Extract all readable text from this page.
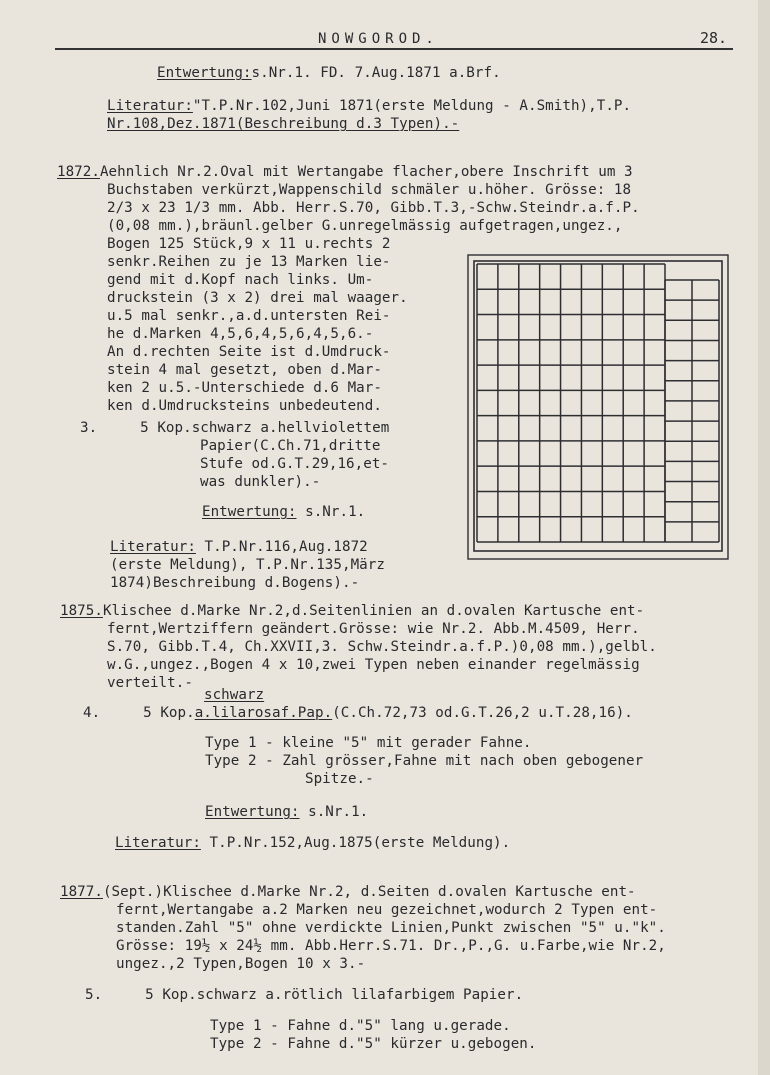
NOWGOROD.	28.
Entwertung:s.Nr.1. FD. 7.Aug.1871 a.Brf.
Literatur:"T.P.Nr.102,Juni 1871(erste Meldung - A.Smith),T.P.
Nr.108,Dez.1871(Beschreibung d.3 Typen).-
1872.Aehnlich Nr.2.Oval mit Wertangabe flacher,obere Inschrift um 3
Buchstaben verkürzt,Wappenschild schmäler u.höher. Grösse: 18
2/3 x 23 1/3 mm. Abb. Herr.S.70, Gibb.T.3,-Schw.Steindr.a.f.P.
(0,08 mm.),bräunl.gelber G.unregelmässig aufgetragen,ungez.,
Bogen 125 Stück,9 x 11 u.rechts 2
senkr.Reihen zu je 13 Marken lie-
gend mit d.Kopf nach links. Um-
druckstein (3 x 2) drei mal waager.
u.5 mal senkr.,a.d.untersten Rei-
he d.Marken 4,5,6,4,5,6,4,5,6.-
An d.rechten Seite ist d.Umdruck-
stein 4 mal gesetzt, oben d.Mar-
ken 2 u.5.-Unterschiede d.6 Mar-
ken d.Umdrucksteins unbedeutend.
3.     5 Kop.schwarz a.hellviolettem
Papier(C.Ch.71,dritte
Stufe od.G.T.29,16,et-
was dunkler).-
Entwertung: s.Nr.1.
Literatur: T.P.Nr.116,Aug.1872
(erste Meldung), T.P.Nr.135,März
1874)Beschreibung d.Bogens).-
1875.Klischee d.Marke Nr.2,d.Seitenlinien an d.ovalen Kartusche ent-
fernt,Wertziffern geändert.Grösse: wie Nr.2. Abb.M.4509, Herr.
S.70, Gibb.T.4, Ch.XXVII,3. Schw.Steindr.a.f.P.)0,08 mm.),gelbl.
w.G.,ungez.,Bogen 4 x 10,zwei Typen neben einander regelmässig
verteilt.-
schwarz
4.     5 Kop.a.lilarosaf.Pap.(C.Ch.72,73 od.G.T.26,2 u.T.28,16).
Type 1 - kleine "5" mit gerader Fahne.
Type 2 - Zahl grösser,Fahne mit nach oben gebogener
Spitze.-
Entwertung: s.Nr.1.
Literatur: T.P.Nr.152,Aug.1875(erste Meldung).
1877.(Sept.)Klischee d.Marke Nr.2, d.Seiten d.ovalen Kartusche ent-
fernt,Wertangabe a.2 Marken neu gezeichnet,wodurch 2 Typen ent-
standen.Zahl "5" ohne verdickte Linien,Punkt zwischen "5" u."k".
Grösse: 19½ x 24½ mm. Abb.Herr.S.71. Dr.,P.,G. u.Farbe,wie Nr.2,
ungez.,2 Typen,Bogen 10 x 3.-
5.     5 Kop.schwarz a.rötlich lilafarbigem Papier.
Type 1 - Fahne d."5" lang u.gerade.
Type 2 - Fahne d."5" kürzer u.gebogen.
